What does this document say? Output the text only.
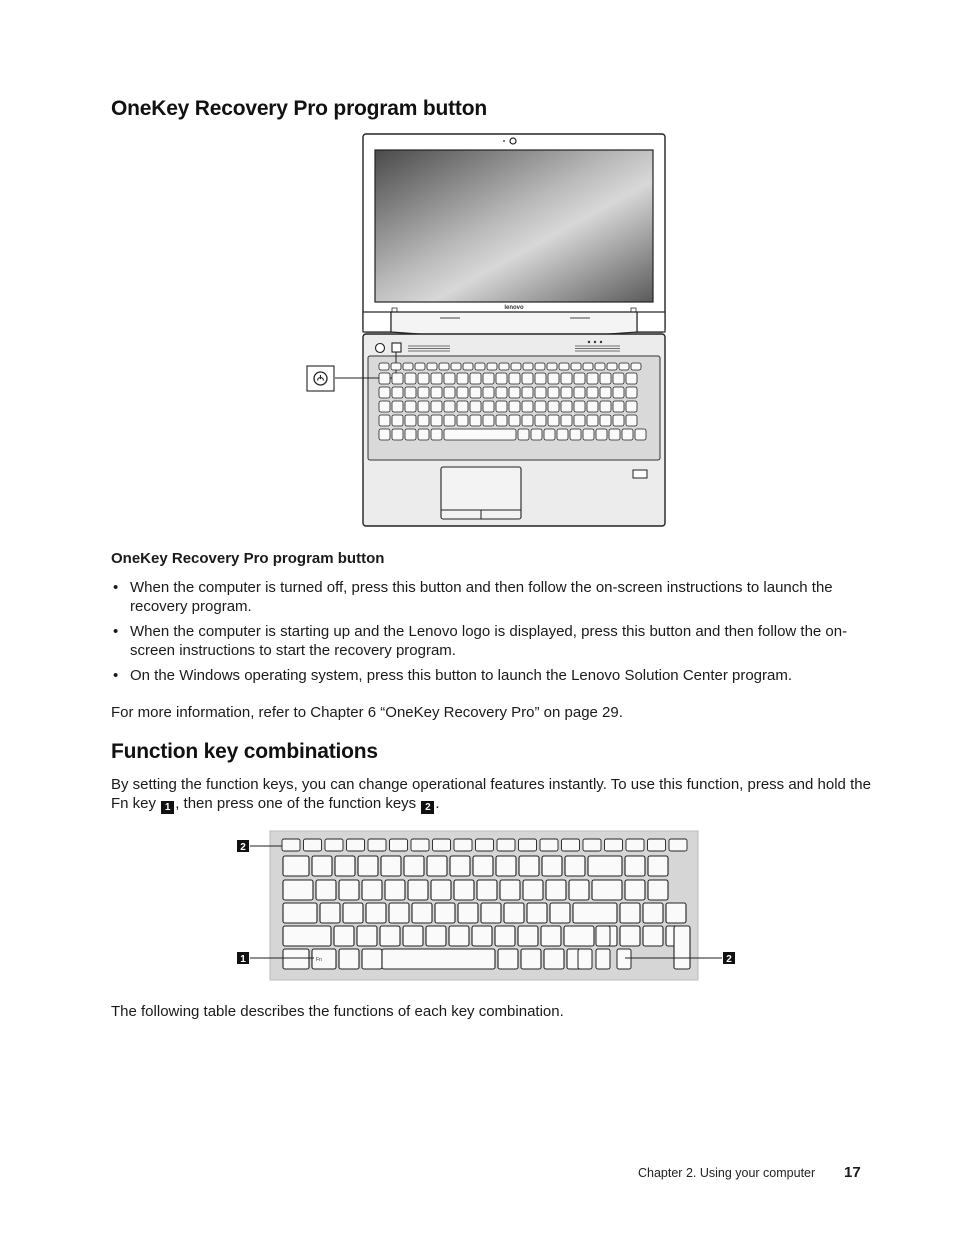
OneKey Recovery Pro program button
lenovo
OneKey Recovery Pro program button
• When the computer is turned off, press this button and then follow the on-screen instructions to launch the recovery program.
• When the computer is starting up and the Lenovo logo is displayed, press this button and then follow the on-screen instructions to start the recovery program.
• On the Windows operating system, press this button to launch the Lenovo Solution Center program.
For more information, refer to Chapter 6 “OneKey Recovery Pro” on page 29.
Function key combinations
By setting the function keys, you can change operational features instantly. To use this function, press and hold the Fn key 1 , then press one of the function keys 2 .
2
1	2
Fn
The following table describes the functions of each key combination.
Chapter 2. Using your computer 17
